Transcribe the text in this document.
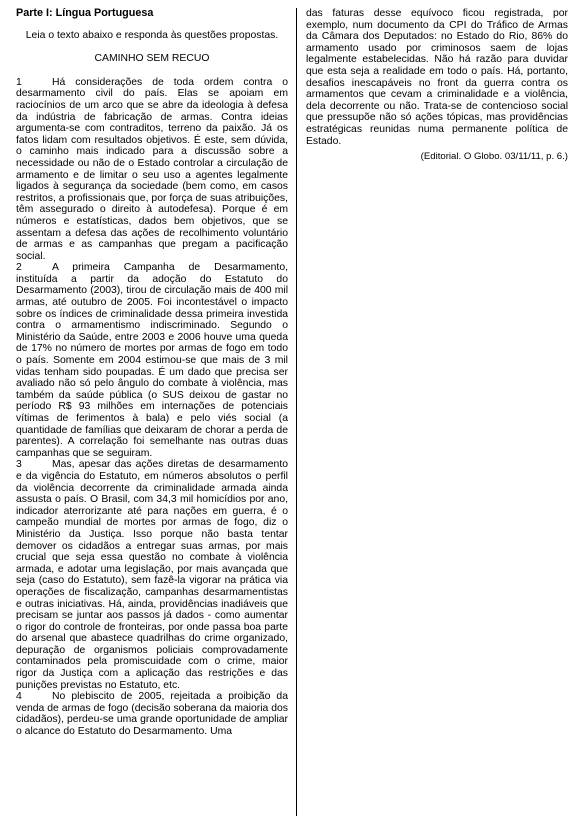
Parte I: Língua Portuguesa
Leia o texto abaixo e responda às questões propostas.
CAMINHO SEM RECUO

1	Há considerações de toda ordem contra o desarmamento civil do país. Elas se apoiam em raciocínios de um arco que se abre da ideologia à defesa da indústria de fabricação de armas. Contra ideias argumenta-se com contraditos, terreno da paixão. Já os fatos lidam com resultados objetivos. É este, sem dúvida, o caminho mais indicado para a discussão sobre a necessidade ou não de o Estado controlar a circulação de armamento e de limitar o seu uso a agentes legalmente ligados à segurança da sociedade (bem como, em casos restritos, a profissionais que, por força de suas atribuições, têm assegurado o direito à autodefesa). Porque é em números e estatísticas, dados bem objetivos, que se assentam a defesa das ações de recolhimento voluntário de armas e as campanhas que pregam a pacificação social.

2	A primeira Campanha de Desarmamento, instituída a partir da adoção do Estatuto do Desarmamento (2003), tirou de circulação mais de 400 mil armas, até outubro de 2005. Foi incontestável o impacto sobre os índices de criminalidade dessa primeira investida contra o armamentismo indiscriminado. Segundo o Ministério da Saúde, entre 2003 e 2006 houve uma queda de 17% no número de mortes por armas de fogo em todo o país. Somente em 2004 estimou-se que mais de 3 mil vidas tenham sido poupadas. É um dado que precisa ser avaliado não só pelo ângulo do combate à violência, mas também da saúde pública (o SUS deixou de gastar no período R$ 93 milhões em internações de potenciais vítimas de ferimentos à bala) e pelo viés social (a quantidade de famílias que deixaram de chorar a perda de parentes). A correlação foi semelhante nas outras duas campanhas que se seguiram.

3	Mas, apesar das ações diretas de desarmamento e da vigência do Estatuto, em números absolutos o perfil da violência decorrente da criminalidade armada ainda assusta o país. O Brasil, com 34,3 mil homicídios por ano, indicador aterrorizante até para nações em guerra, é o campeão mundial de mortes por armas de fogo, diz o Ministério da Justiça. Isso porque não basta tentar demover os cidadãos a entregar suas armas, por mais crucial que seja essa questão no combate à violência armada, e adotar uma legislação, por mais avançada que seja (caso do Estatuto), sem fazê-la vigorar na prática via operações de fiscalização, campanhas desarmamentistas e outras iniciativas. Há, ainda, providências inadiáveis que precisam se juntar aos passos já dados - como aumentar o rigor do controle de fronteiras, por onde passa boa parte do arsenal que abastece quadrilhas do crime organizado, depuração de organismos policiais comprovadamente contaminados pela promiscuidade com o crime, maior rigor da Justiça com a aplicação das restrições e das punições previstas no Estatuto, etc.

4	No plebiscito de 2005, rejeitada a proibição da venda de armas de fogo (decisão soberana da maioria dos cidadãos), perdeu-se uma grande oportunidade de ampliar o alcance do Estatuto do Desarmamento. Uma

das faturas desse equívoco ficou registrada, por exemplo, num documento da CPI do Tráfico de Armas da Câmara dos Deputados: no Estado do Rio, 86% do armamento usado por criminosos saem de lojas legalmente estabelecidas. Não há razão para duvidar que esta seja a realidade em todo o país. Há, portanto, desafios inescapáveis no front da guerra contra os armamentos que cevam a criminalidade e a violência, dela decorrente ou não. Trata-se de contencioso social que pressupõe não só ações tópicas, mas providências estratégicas reunidas numa permanente política de Estado.

(Editorial. O Globo. 03/11/11, p. 6.)
